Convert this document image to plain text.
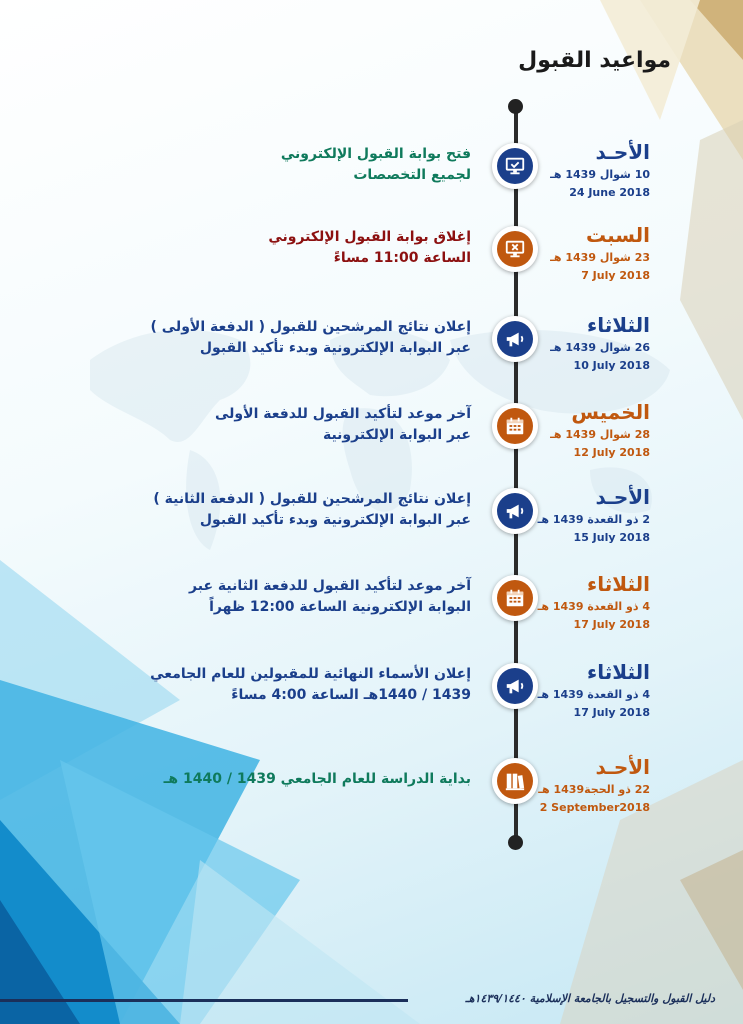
مواعيد القبول
الأحـد
10 شوال 1439 هـ
24 June 2018
فتح بوابة القبول الإلكتروني
لجميع التخصصات
السبت
23 شوال 1439 هـ
7 July 2018
إغلاق بوابة القبول الإلكتروني
الساعة 11:00 مساءً
الثلاثاء
26 شوال 1439 هـ
10 July 2018
إعلان نتائج المرشحين للقبول ( الدفعة الأولى )
عبر البوابة الإلكترونية وبدء تأكيد القبول
الخميس
28 شوال 1439 هـ
12 July 2018
آخر موعد لتأكيد القبول للدفعة الأولى
عبر البوابة الإلكترونية
الأحـد
2 ذو القعدة 1439 هـ
15 July 2018
إعلان نتائج المرشحين للقبول ( الدفعة الثانية )
عبر البوابة الإلكترونية وبدء تأكيد القبول
الثلاثاء
4 ذو القعدة 1439 هـ
17 July 2018
آخر موعد لتأكيد القبول للدفعة الثانية عبر
البوابة الإلكترونية الساعة 12:00 ظهراً
الثلاثاء
4 ذو القعدة 1439 هـ
17 July 2018
إعلان الأسماء النهائية للمقبولين للعام الجامعي
1439 / 1440هـ الساعة 4:00 مساءً
الأحـد
22 ذو الحجة1439 هـ
2 September2018
بداية الدراسة للعام الجامعي 1439 / 1440 هـ
دليل القبول والتسجيل بالجامعة الإسلامية ١٤٣٩/١٤٤٠هـ
